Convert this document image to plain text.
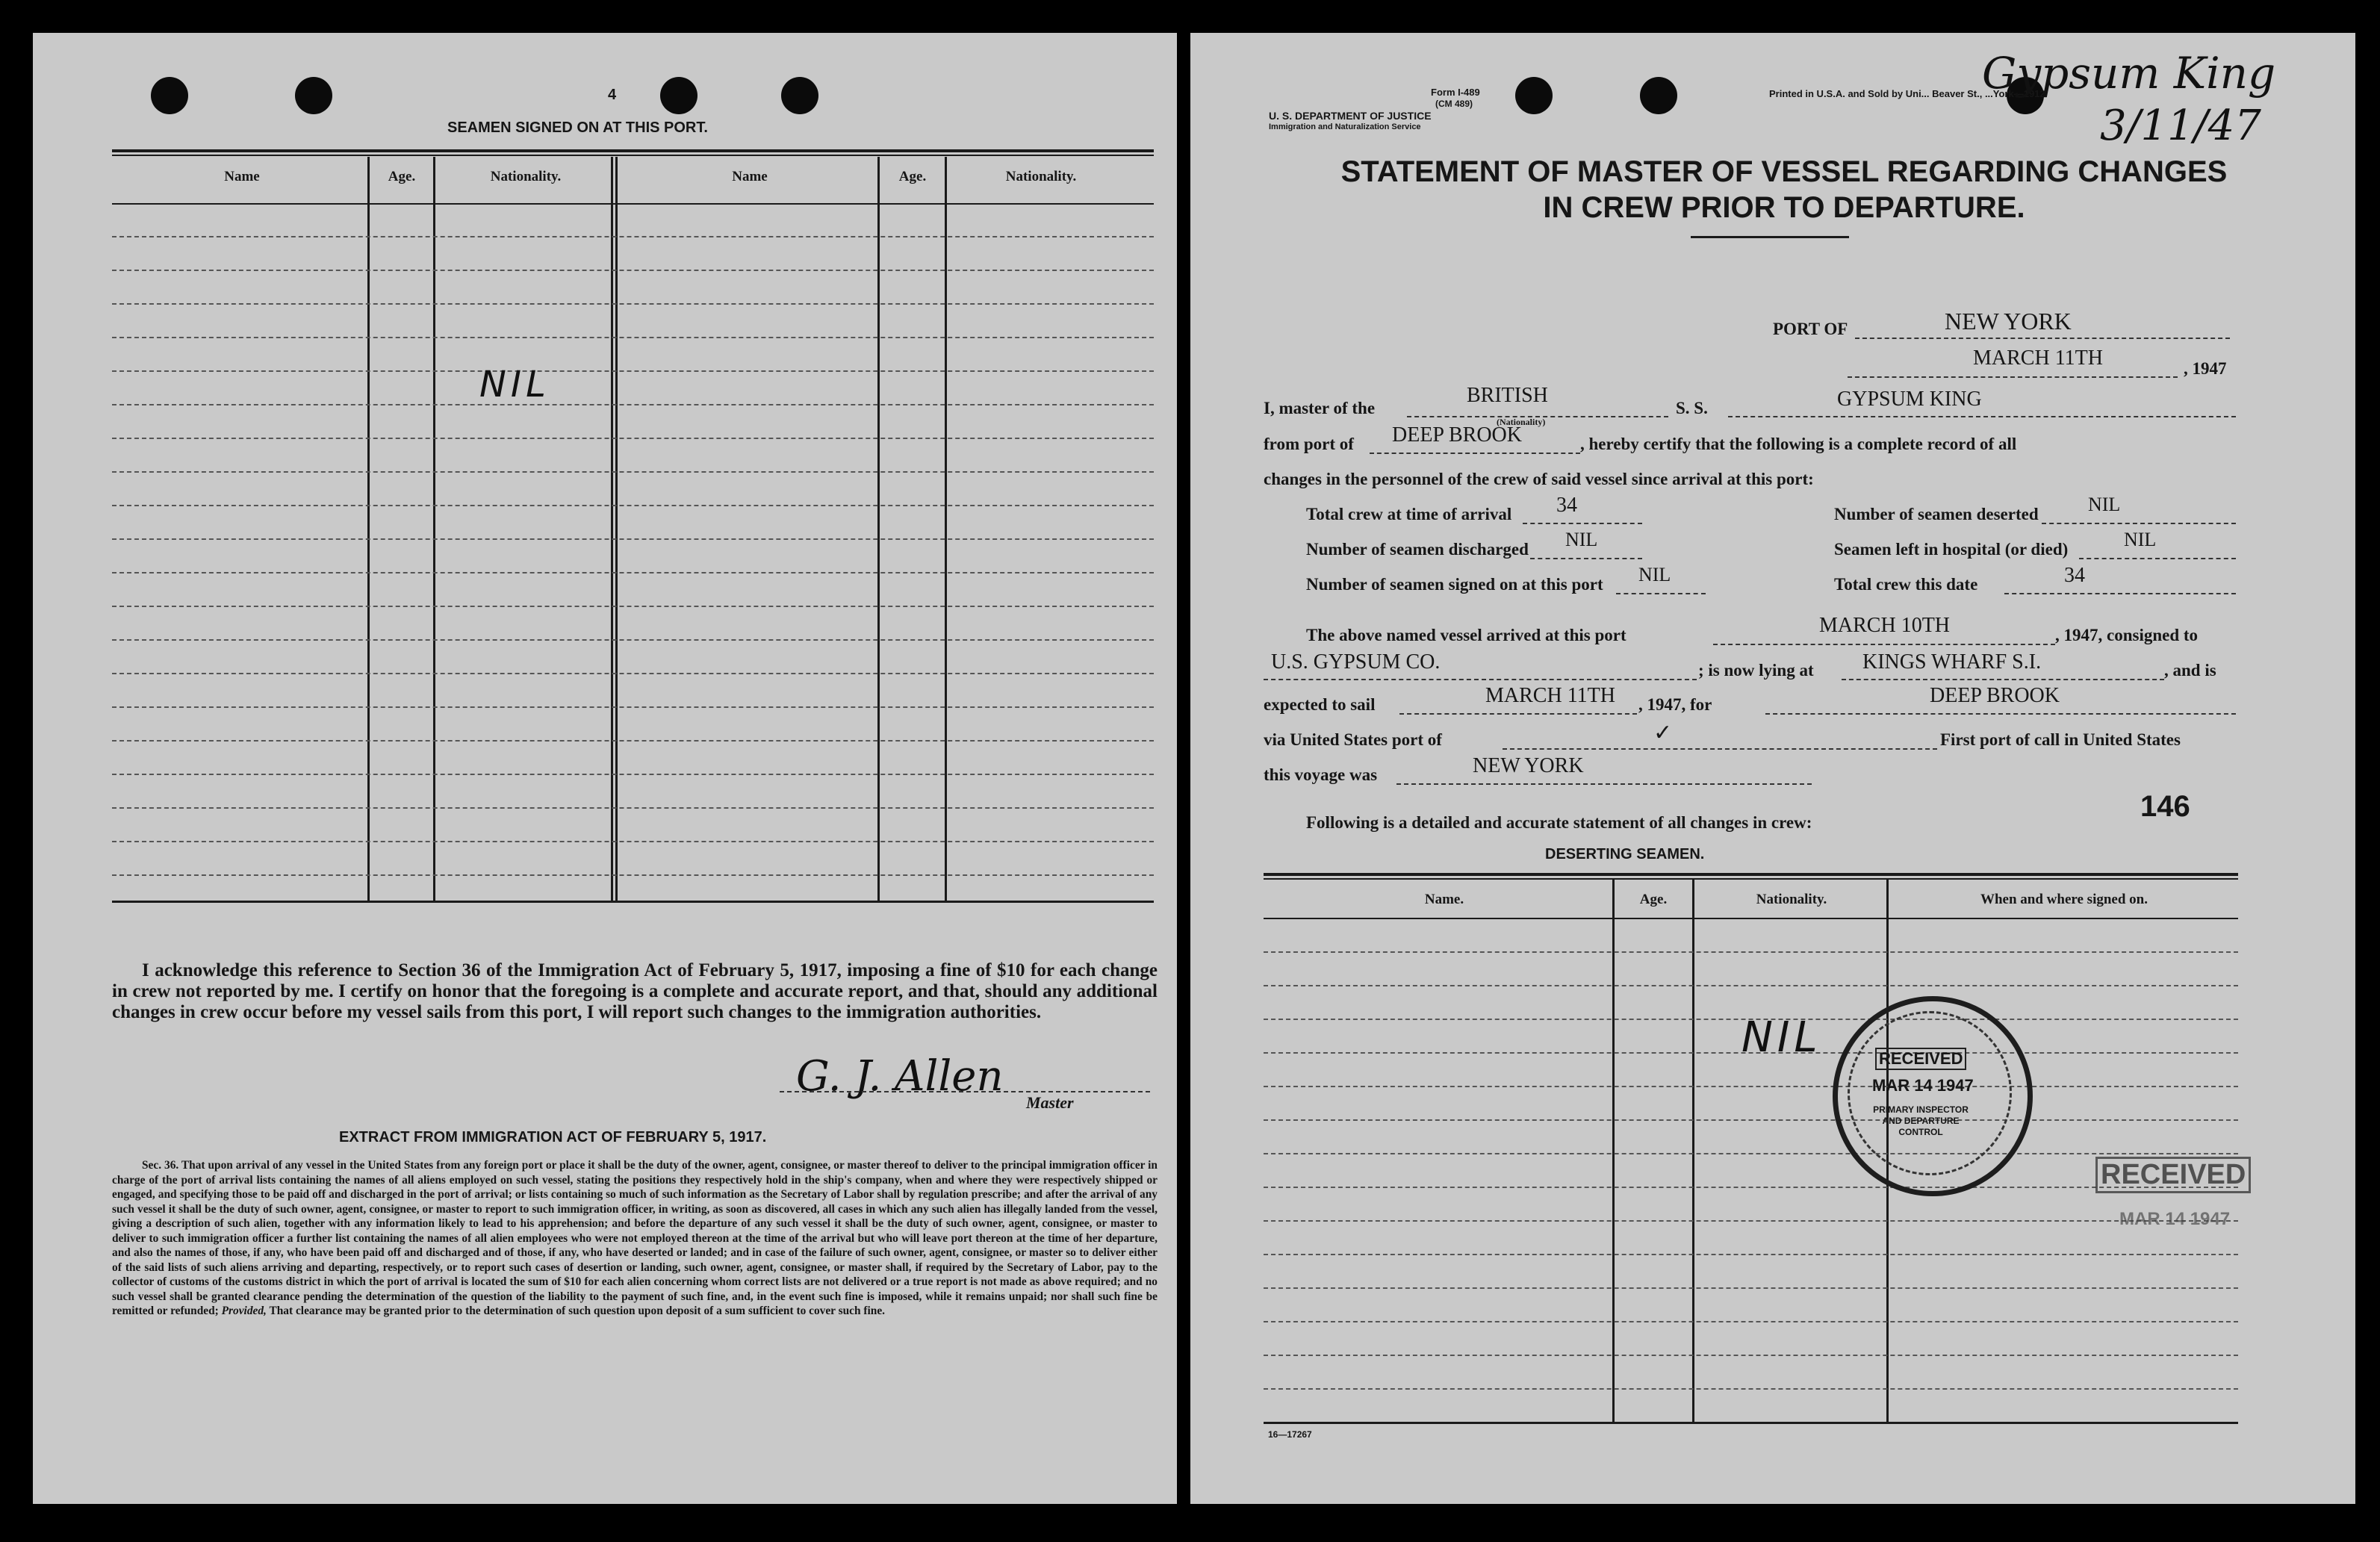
4
SEAMEN SIGNED ON AT THIS PORT.
Name	Age.	Nationality.	Name	Age.	Nationality.
NIL
I acknowledge this reference to Section 36 of the Immigration Act of February 5, 1917, imposing a fine of $10 for each change in crew not reported by me. I certify on honor that the foregoing is a complete and accurate report, and that, should any additional changes in crew occur before my vessel sails from this port, I will report such changes to the immigration authorities.
G. J. Allen
Master
EXTRACT FROM IMMIGRATION ACT OF FEBRUARY 5, 1917.
Sec. 36. That upon arrival of any vessel in the United States from any foreign port or place it shall be the duty of the owner, agent, consignee, or master thereof to deliver to the principal immigration officer in charge of the port of arrival lists containing the names of all aliens employed on such vessel, stating the positions they respectively hold in the ship's company, when and where they were respectively shipped or engaged, and specifying those to be paid off and discharged in the port of arrival; or lists containing so much of such information as the Secretary of Labor shall by regulation prescribe; and after the arrival of any such vessel it shall be the duty of such owner, agent, consignee, or master to report to such immigration officer, in writing, as soon as discovered, all cases in which any such alien has illegally landed from the vessel, giving a description of such alien, together with any information likely to lead to his apprehension; and before the departure of any such vessel it shall be the duty of such owner, agent, consignee, or master to deliver to such immigration officer a further list containing the names of all alien employees who were not employed thereon at the time of the arrival but who will leave port thereon at the time of her departure, and also the names of those, if any, who have been paid off and discharged and of those, if any, who have deserted or landed; and in case of the failure of such owner, agent, consignee, or master so to deliver either of the said lists of such aliens arriving and departing, respectively, or to report such cases of desertion or landing, such owner, agent, consignee, or master shall, if required by the Secretary of Labor, pay to the collector of customs of the customs district in which the port of arrival is located the sum of $10 for each alien concerning whom correct lists are not delivered or a true report is not made as above required; and no such vessel shall be granted clearance pending the determination of the question of the liability to the payment of such fine, and, in the event such fine is imposed, while it remains unpaid; nor shall such fine be remitted or refunded; Provided, That clearance may be granted prior to the determination of such question upon deposit of a sum sufficient to cover such fine.
Form I-489
(CM 489)
U. S. DEPARTMENT OF JUSTICE
Immigration and Naturalization Service
Printed in U.S.A. and Sold by Uni... Beaver St., ...York—1912
Gypsum King
3/11/47
STATEMENT OF MASTER OF VESSEL REGARDING CHANGES
IN CREW PRIOR TO DEPARTURE.
PORT OF	NEW YORK
MARCH 11TH	, 1947
I, master of the
BRITISH
(Nationality)
S. S.	GYPSUM KING
from port of DEEP BROOK	, hereby certify that the following is a complete record of all
changes in the personnel of the crew of said vessel since arrival at this port:
Total crew at time of arrival 34	Number of seamen deserted	NIL
Number of seamen discharged NIL	Seamen left in hospital (or died)	NIL
Number of seamen signed on at this port NIL	Total crew this date	34
The above named vessel arrived at this port	MARCH 10TH	, 1947, consigned to
U.S. GYPSUM CO.	; is now lying at KINGS WHARF S.I.	, and is
expected to sail	MARCH 11TH , 1947, for	DEEP BROOK
via United States port of	✓	First port of call in United States
this voyage was	NEW YORK
146
Following is a detailed and accurate statement of all changes in crew:
DESERTING SEAMEN.
Name.	Age.	Nationality.	When and where signed on.
NIL	RECEIVED
MAR 14 1947
PRIMARY INSPECTOR AND DEPARTURE CONTROL
RECEIVED
MAR 14 1947
16—17267
